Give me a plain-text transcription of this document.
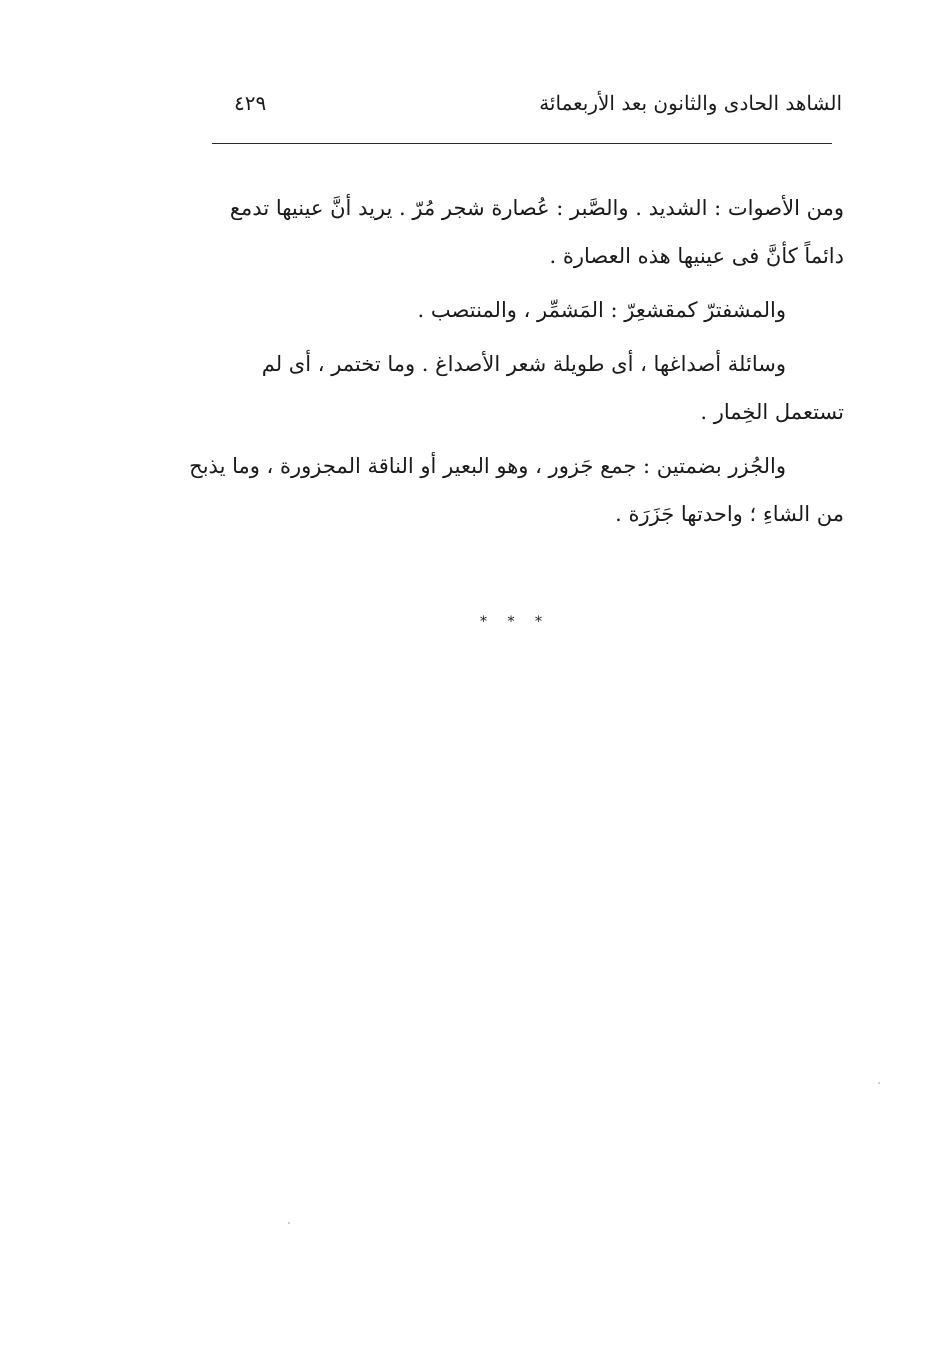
الشاهد الحادى والثانون بعد الأربعمائة
٤٢٩

ومن الأصوات : الشديد . والصَّبر : عُصارة شجر مُرّ . يريد أنَّ عينيها تدمع
دائماً كأنَّ فى عينيها هذه العصارة .

والمشفترّ كمقشعِرّ : المَشمِّر ، والمنتصب .

وسائلة أصداغها ، أى طويلة شعر الأصداغ . وما تختمر ، أى لم

تستعمل الخِمار .

والجُزر بضمتين : جمع جَزور ، وهو البعير أو الناقة المجزورة ، وما يذبح

من الشاءِ ؛ واحدتها جَزَرَة .

* * *
